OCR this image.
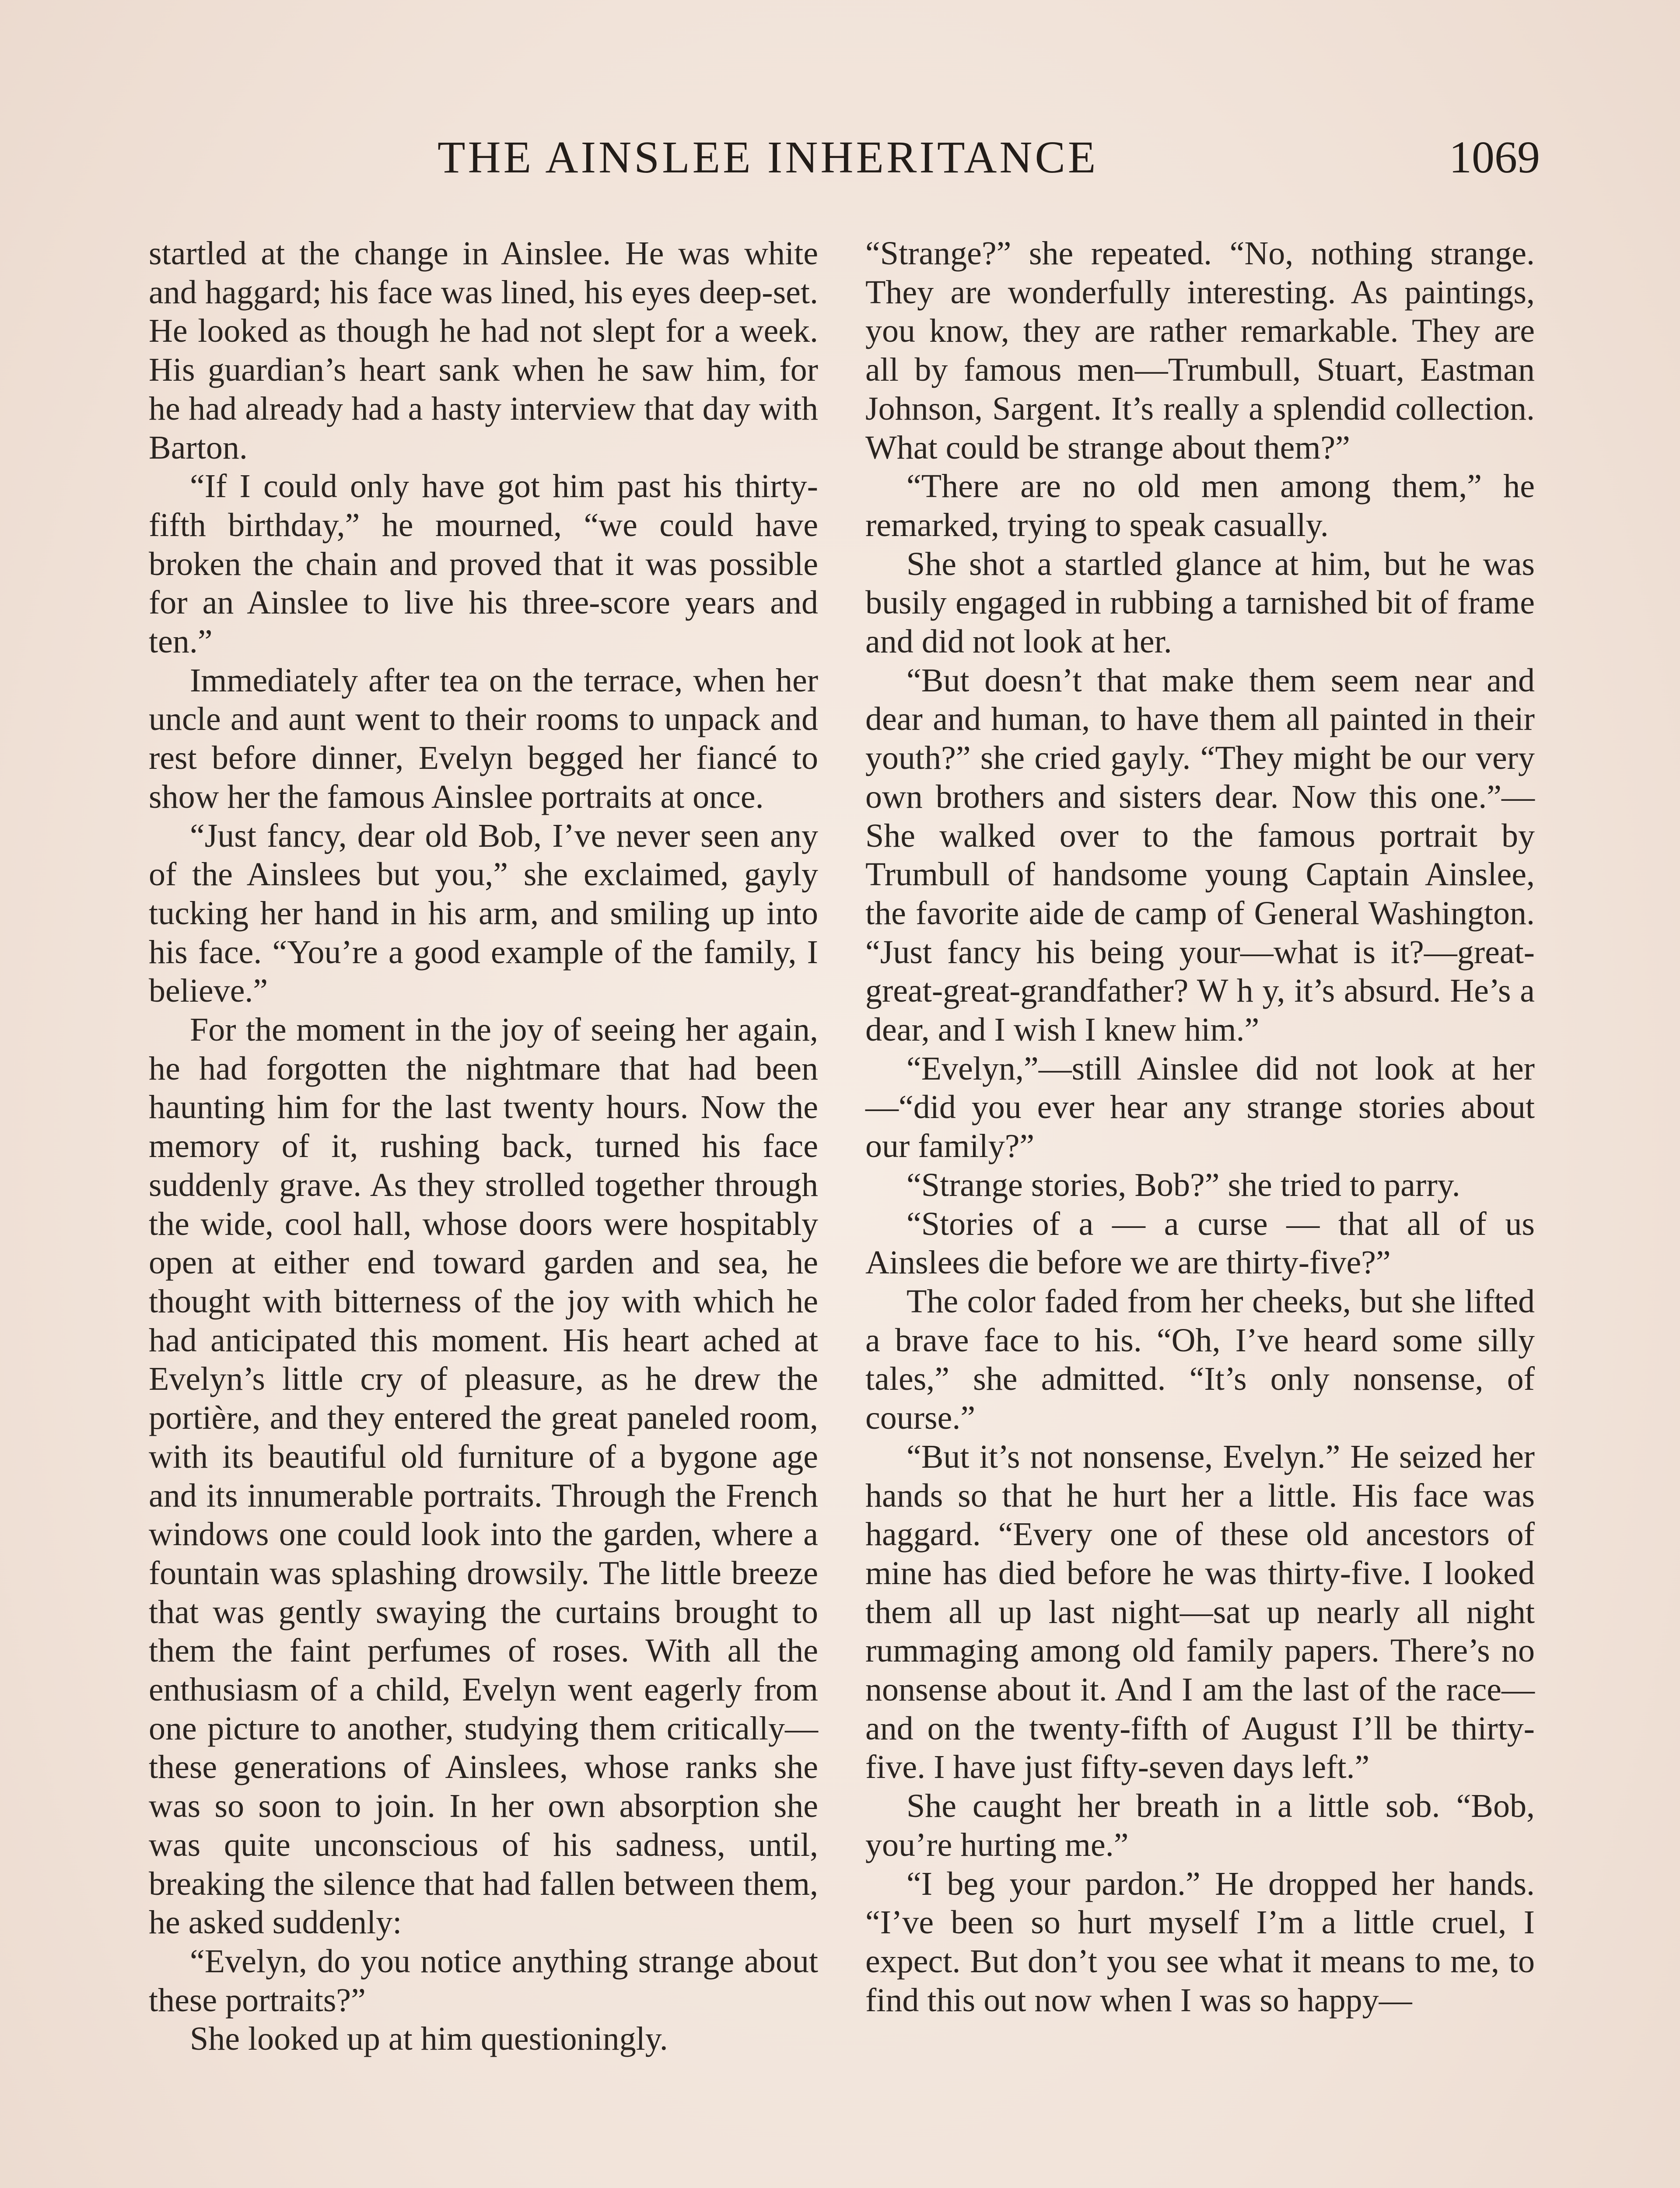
THE AINSLEE INHERITANCE	1069

startled at the change in Ainslee. He was white and haggard; his face was lined, his eyes deep-set. He looked as though he had not slept for a week. His guardian’s heart sank when he saw him, for he had already had a hasty interview that day with Barton.

“If I could only have got him past his thirty-fifth birthday,” he mourned, “we could have broken the chain and proved that it was possible for an Ainslee to live his three-score years and ten.”

Immediately after tea on the terrace, when her uncle and aunt went to their rooms to unpack and rest before dinner, Evelyn begged her fiancé to show her the famous Ainslee portraits at once.

“Just fancy, dear old Bob, I’ve never seen any of the Ainslees but you,” she exclaimed, gayly tucking her hand in his arm, and smiling up into his face. “You’re a good example of the family, I believe.”

For the moment in the joy of seeing her again, he had forgotten the nightmare that had been haunting him for the last twenty hours. Now the memory of it, rushing back, turned his face suddenly grave. As they strolled together through the wide, cool hall, whose doors were hospitably open at either end toward garden and sea, he thought with bitterness of the joy with which he had anticipated this moment. His heart ached at Evelyn’s little cry of pleasure, as he drew the portière, and they entered the great paneled room, with its beautiful old furniture of a bygone age and its innumerable portraits. Through the French windows one could look into the garden, where a fountain was splashing drowsily. The little breeze that was gently swaying the curtains brought to them the faint perfumes of roses. With all the enthusiasm of a child, Evelyn went eagerly from one picture to another, studying them critically—these generations of Ainslees, whose ranks she was so soon to join. In her own absorption she was quite unconscious of his sadness, until, breaking the silence that had fallen between them, he asked suddenly:

“Evelyn, do you notice anything strange about these portraits?”

She looked up at him questioningly.

“Strange?” she repeated. “No, nothing strange. They are wonderfully interesting. As paintings, you know, they are rather remarkable. They are all by famous men—Trumbull, Stuart, Eastman Johnson, Sargent. It’s really a splendid collection. What could be strange about them?”

“There are no old men among them,” he remarked, trying to speak casually.

She shot a startled glance at him, but he was busily engaged in rubbing a tarnished bit of frame and did not look at her.

“But doesn’t that make them seem near and dear and human, to have them all painted in their youth?” she cried gayly. “They might be our very own brothers and sisters dear. Now this one.”—She walked over to the famous portrait by Trumbull of handsome young Captain Ainslee, the favorite aide de camp of General Washington. “Just fancy his being your—what is it?—great-great-great-grandfather? W h y, it’s absurd. He’s a dear, and I wish I knew him.”

“Evelyn,”—still Ainslee did not look at her—“did you ever hear any strange stories about our family?”

“Strange stories, Bob?” she tried to parry.

“Stories of a — a curse — that all of us Ainslees die before we are thirty-five?”

The color faded from her cheeks, but she lifted a brave face to his. “Oh, I’ve heard some silly tales,” she admitted. “It’s only nonsense, of course.”

“But it’s not nonsense, Evelyn.” He seized her hands so that he hurt her a little. His face was haggard. “Every one of these old ancestors of mine has died before he was thirty-five. I looked them all up last night—sat up nearly all night rummaging among old family papers. There’s no nonsense about it. And I am the last of the race—and on the twenty-fifth of August I’ll be thirty-five. I have just fifty-seven days left.”

She caught her breath in a little sob. “Bob, you’re hurting me.”

“I beg your pardon.” He dropped her hands. “I’ve been so hurt myself I’m a little cruel, I expect. But don’t you see what it means to me, to find this out now when I was so happy—
